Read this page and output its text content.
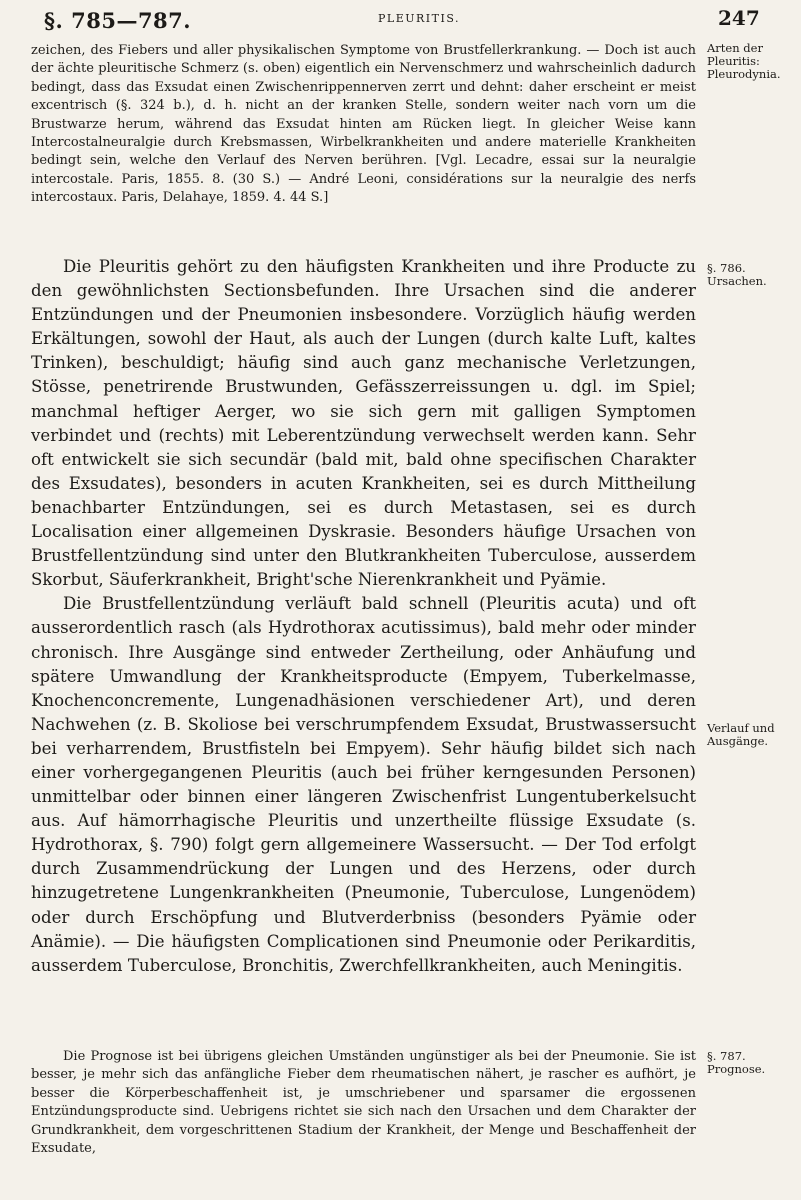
§. 785—787.	PLEURITIS.	247

zeichen, des Fiebers und aller physikalischen Symptome von Brustfellerkrankung. — Doch ist auch der ächte pleuritische Schmerz (s. oben) eigentlich ein Nervenschmerz und wahrscheinlich dadurch bedingt, dass das Exsudat einen Zwischenrippennerven zerrt und dehnt: daher erscheint er meist excentrisch (§. 324 b.), d. h. nicht an der kranken Stelle, sondern weiter nach vorn um die Brustwarze herum, während das Exsudat hinten am Rücken liegt. In gleicher Weise kann Intercostalneuralgie durch Krebsmassen, Wirbelkrankheiten und andere materielle Krankheiten bedingt sein, welche den Verlauf des Nerven berühren. [Vgl. Lecadre, essai sur la neuralgie intercostale. Paris, 1855. 8. (30 S.) — André Leoni, considérations sur la neuralgie des nerfs intercostaux. Paris, Delahaye, 1859. 4. 44 S.]

Die Pleuritis gehört zu den häufigsten Krankheiten und ihre Producte zu den gewöhnlichsten Sectionsbefunden. Ihre Ursachen sind die anderer Entzündungen und der Pneumonien insbesondere. Vorzüglich häufig werden Erkältungen, sowohl der Haut, als auch der Lungen (durch kalte Luft, kaltes Trinken), beschuldigt; häufig sind auch ganz mechanische Verletzungen, Stösse, penetrirende Brustwunden, Gefässzerreissungen u. dgl. im Spiel; manchmal heftiger Aerger, wo sie sich gern mit galligen Symptomen verbindet und (rechts) mit Leberentzündung verwechselt werden kann. Sehr oft entwickelt sie sich secundär (bald mit, bald ohne specifischen Charakter des Exsudates), besonders in acuten Krankheiten, sei es durch Mittheilung benachbarter Entzündungen, sei es durch Metastasen, sei es durch Localisation einer allgemeinen Dyskrasie. Besonders häufige Ursachen von Brustfellentzündung sind unter den Blutkrankheiten Tuberculose, ausserdem Skorbut, Säuferkrankheit, Bright'sche Nierenkrankheit und Pyämie.

Die Brustfellentzündung verläuft bald schnell (Pleuritis acuta) und oft ausserordentlich rasch (als Hydrothorax acutissimus), bald mehr oder minder chronisch. Ihre Ausgänge sind entweder Zertheilung, oder Anhäufung und spätere Umwandlung der Krankheitsproducte (Empyem, Tuberkelmasse, Knochenconcremente, Lungenadhäsionen verschiedener Art), und deren Nachwehen (z. B. Skoliose bei verschrumpfendem Exsudat, Brustwassersucht bei verharrendem, Brustfisteln bei Empyem). Sehr häufig bildet sich nach einer vorhergegangenen Pleuritis (auch bei früher kerngesunden Personen) unmittelbar oder binnen einer längeren Zwischenfrist Lungentuberkelsucht aus. Auf hämorrhagische Pleuritis und unzertheilte flüssige Exsudate (s. Hydrothorax, §. 790) folgt gern allgemeinere Wassersucht. — Der Tod erfolgt durch Zusammendrückung der Lungen und des Herzens, oder durch hinzugetretene Lungenkrankheiten (Pneumonie, Tuberculose, Lungenödem) oder durch Erschöpfung und Blutverderbniss (besonders Pyämie oder Anämie). — Die häufigsten Complicationen sind Pneumonie oder Perikarditis, ausserdem Tuberculose, Bronchitis, Zwerchfellkrankheiten, auch Meningitis.

Die Prognose ist bei übrigens gleichen Umständen ungünstiger als bei der Pneumonie. Sie ist besser, je mehr sich das anfängliche Fieber dem rheumatischen nähert, je rascher es aufhört, je besser die Körperbeschaffenheit ist, je umschriebener und sparsamer die ergossenen Entzündungsproducte sind. Uebrigens richtet sie sich nach den Ursachen und dem Charakter der Grundkrankheit, dem vorgeschrittenen Stadium der Krankheit, der Menge und Beschaffenheit der Exsudate,

Arten der Pleuritis: Pleurodynia.
§. 786. Ursachen.
Verlauf und Ausgänge.
§. 787. Prognose.
